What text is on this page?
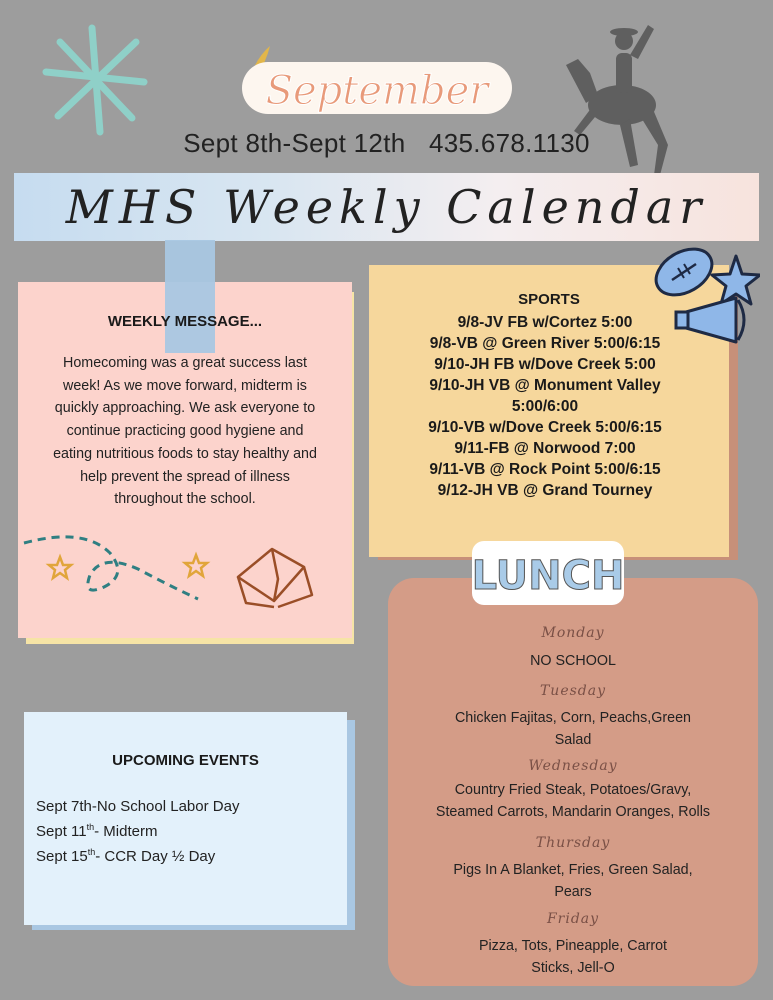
September
Sept 8th-Sept 12th 435.678.1130
MHS Weekly Calendar
WEEKLY MESSAGE...
Homecoming was a great success last
week! As we move forward, midterm is
quickly approaching. We ask everyone to
continue practicing good hygiene and
eating nutritious foods to stay healthy and
help prevent the spread of illness
throughout the school.
SPORTS
9/8-JV FB w/Cortez 5:00
9/8-VB @ Green River 5:00/6:15
9/10-JH FB w/Dove Creek 5:00
9/10-JH VB @ Monument Valley
5:00/6:00
9/10-VB w/Dove Creek 5:00/6:15
9/11-FB @ Norwood 7:00
9/11-VB @ Rock Point 5:00/6:15
9/12-JH VB @ Grand Tourney
LUNCH
Monday
NO SCHOOL
Tuesday
Chicken Fajitas, Corn, Peachs,Green
Salad
Wednesday
Country Fried Steak, Potatoes/Gravy,
Steamed Carrots, Mandarin Oranges, Rolls
Thursday
Pigs In A Blanket, Fries, Green Salad,
Pears
Friday
Pizza, Tots, Pineapple, Carrot
Sticks, Jell-O
UPCOMING EVENTS
Sept 7th-No School Labor Day
Sept 11th- Midterm
Sept 15th- CCR Day ½ Day
